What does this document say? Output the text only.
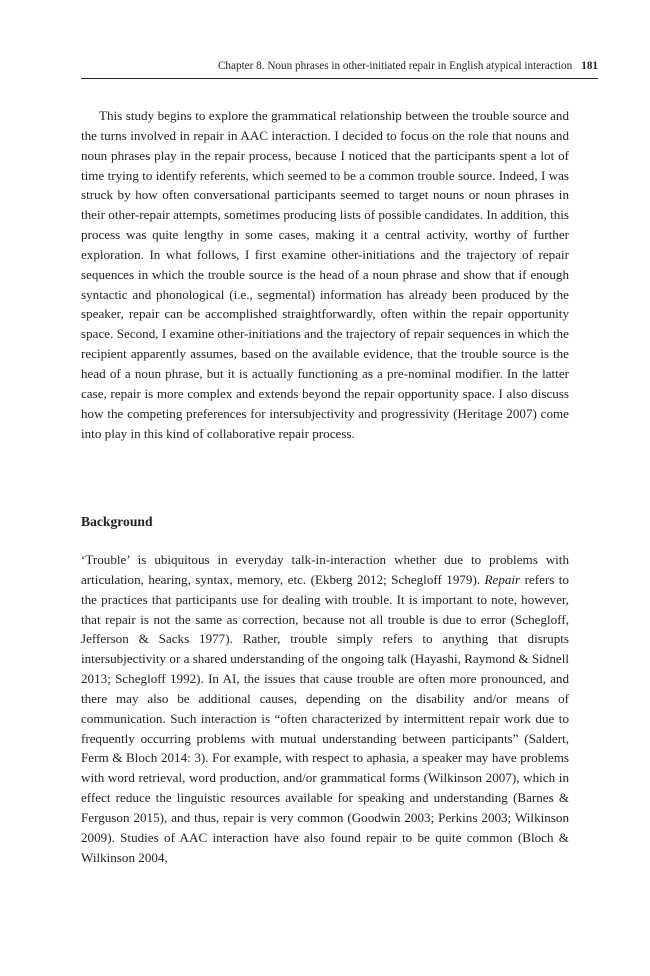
Chapter 8. Noun phrases in other-initiated repair in English atypical interaction 181

This study begins to explore the grammatical relationship between the trouble source and the turns involved in repair in AAC interaction. I decided to focus on the role that nouns and noun phrases play in the repair process, because I noticed that the participants spent a lot of time trying to identify referents, which seemed to be a common trouble source. Indeed, I was struck by how often conversational participants seemed to target nouns or noun phrases in their other-repair attempts, sometimes producing lists of possible candidates. In addition, this process was quite lengthy in some cases, making it a central activity, worthy of further exploration. In what follows, I first examine other-initiations and the trajectory of repair sequences in which the trouble source is the head of a noun phrase and show that if enough syntactic and phonological (i.e., segmental) information has already been produced by the speaker, repair can be accomplished straightforwardly, often within the repair opportunity space. Second, I examine other-initiations and the trajectory of repair sequences in which the recipient apparently assumes, based on the available evidence, that the trouble source is the head of a noun phrase, but it is actually functioning as a pre-nominal modifier. In the latter case, repair is more complex and extends beyond the repair opportunity space. I also discuss how the competing preferences for intersubjectivity and progressivity (Heritage 2007) come into play in this kind of collaborative repair process.

Background

‘Trouble’ is ubiquitous in everyday talk-in-interaction whether due to problems with articulation, hearing, syntax, memory, etc. (Ekberg 2012; Schegloff 1979). Repair refers to the practices that participants use for dealing with trouble. It is important to note, however, that repair is not the same as correction, because not all trouble is due to error (Schegloff, Jefferson & Sacks 1977). Rather, trouble simply refers to anything that disrupts intersubjectivity or a shared understanding of the ongoing talk (Hayashi, Raymond & Sidnell 2013; Schegloff 1992). In AI, the issues that cause trouble are often more pronounced, and there may also be additional causes, depending on the disability and/or means of communication. Such interaction is “often characterized by intermittent repair work due to frequently occurring problems with mutual understanding between participants” (Saldert, Ferm & Bloch 2014: 3). For example, with respect to aphasia, a speaker may have problems with word retrieval, word production, and/or grammatical forms (Wilkinson 2007), which in effect reduce the linguistic resources available for speaking and understanding (Barnes & Ferguson 2015), and thus, repair is very common (Goodwin 2003; Perkins 2003; Wilkinson 2009). Studies of AAC interaction have also found repair to be quite common (Bloch & Wilkinson 2004,
